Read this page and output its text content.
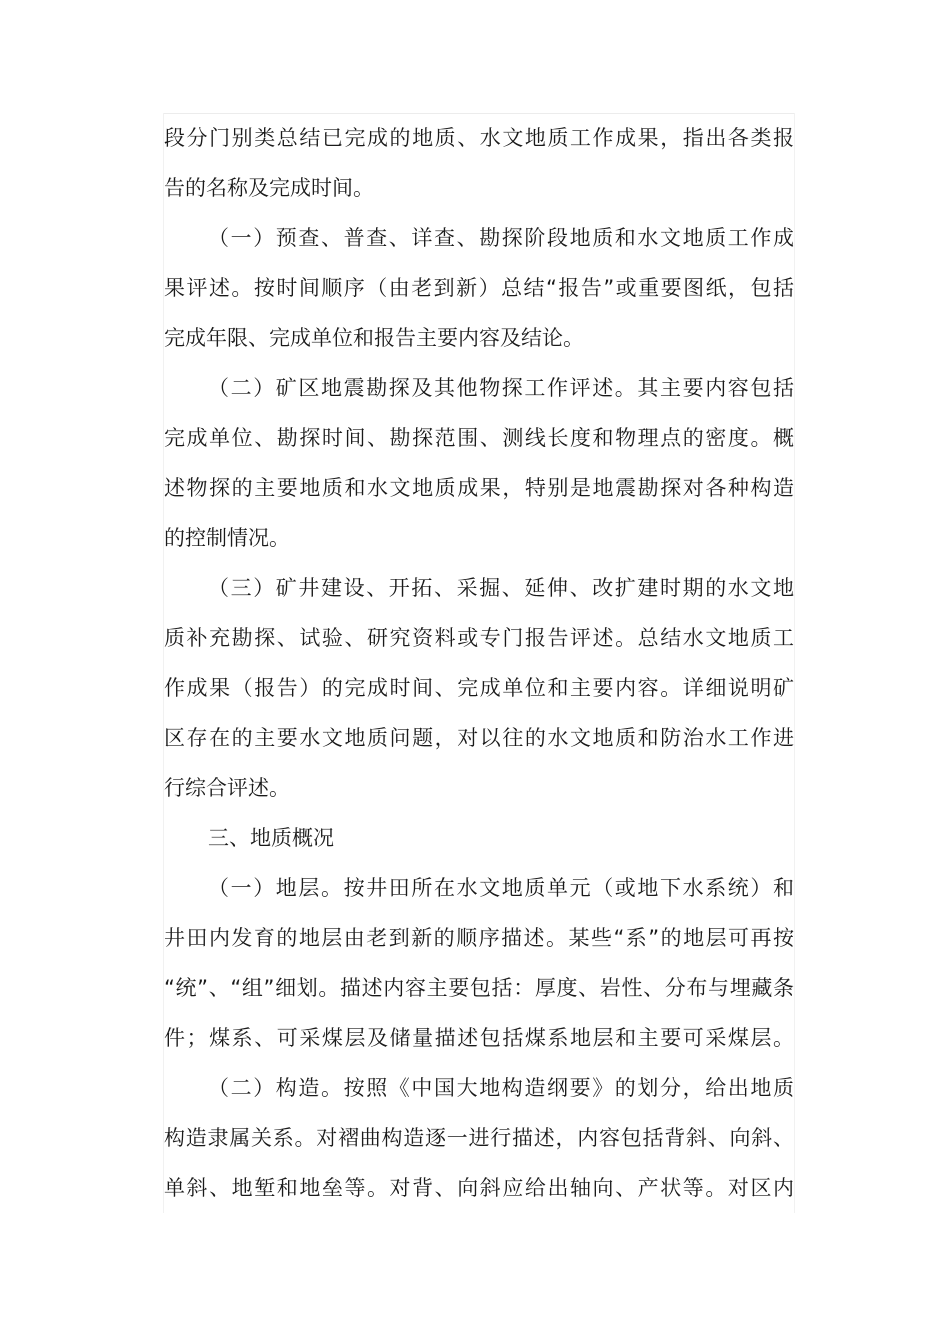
段分门别类总结已完成的地质、水文地质工作成果，指出各类报
告的名称及完成时间。
（一）预查、普查、详查、勘探阶段地质和水文地质工作成
果评述。按时间顺序（由老到新）总结“报告”或重要图纸，包括
完成年限、完成单位和报告主要内容及结论。
（二）矿区地震勘探及其他物探工作评述。其主要内容包括
完成单位、勘探时间、勘探范围、测线长度和物理点的密度。概
述物探的主要地质和水文地质成果，特别是地震勘探对各种构造
的控制情况。
（三）矿井建设、开拓、采掘、延伸、改扩建时期的水文地
质补充勘探、试验、研究资料或专门报告评述。总结水文地质工
作成果（报告）的完成时间、完成单位和主要内容。详细说明矿
区存在的主要水文地质问题，对以往的水文地质和防治水工作进
行综合评述。
三、地质概况
（一）地层。按井田所在水文地质单元（或地下水系统）和
井田内发育的地层由老到新的顺序描述。某些“系”的地层可再按
“统”、“组”细划。描述内容主要包括：厚度、岩性、分布与埋藏条
件；煤系、可采煤层及储量描述包括煤系地层和主要可采煤层。
（二）构造。按照《中国大地构造纲要》的划分，给出地质
构造隶属关系。对褶曲构造逐一进行描述，内容包括背斜、向斜、
单斜、地堑和地垒等。对背、向斜应给出轴向、产状等。对区内
